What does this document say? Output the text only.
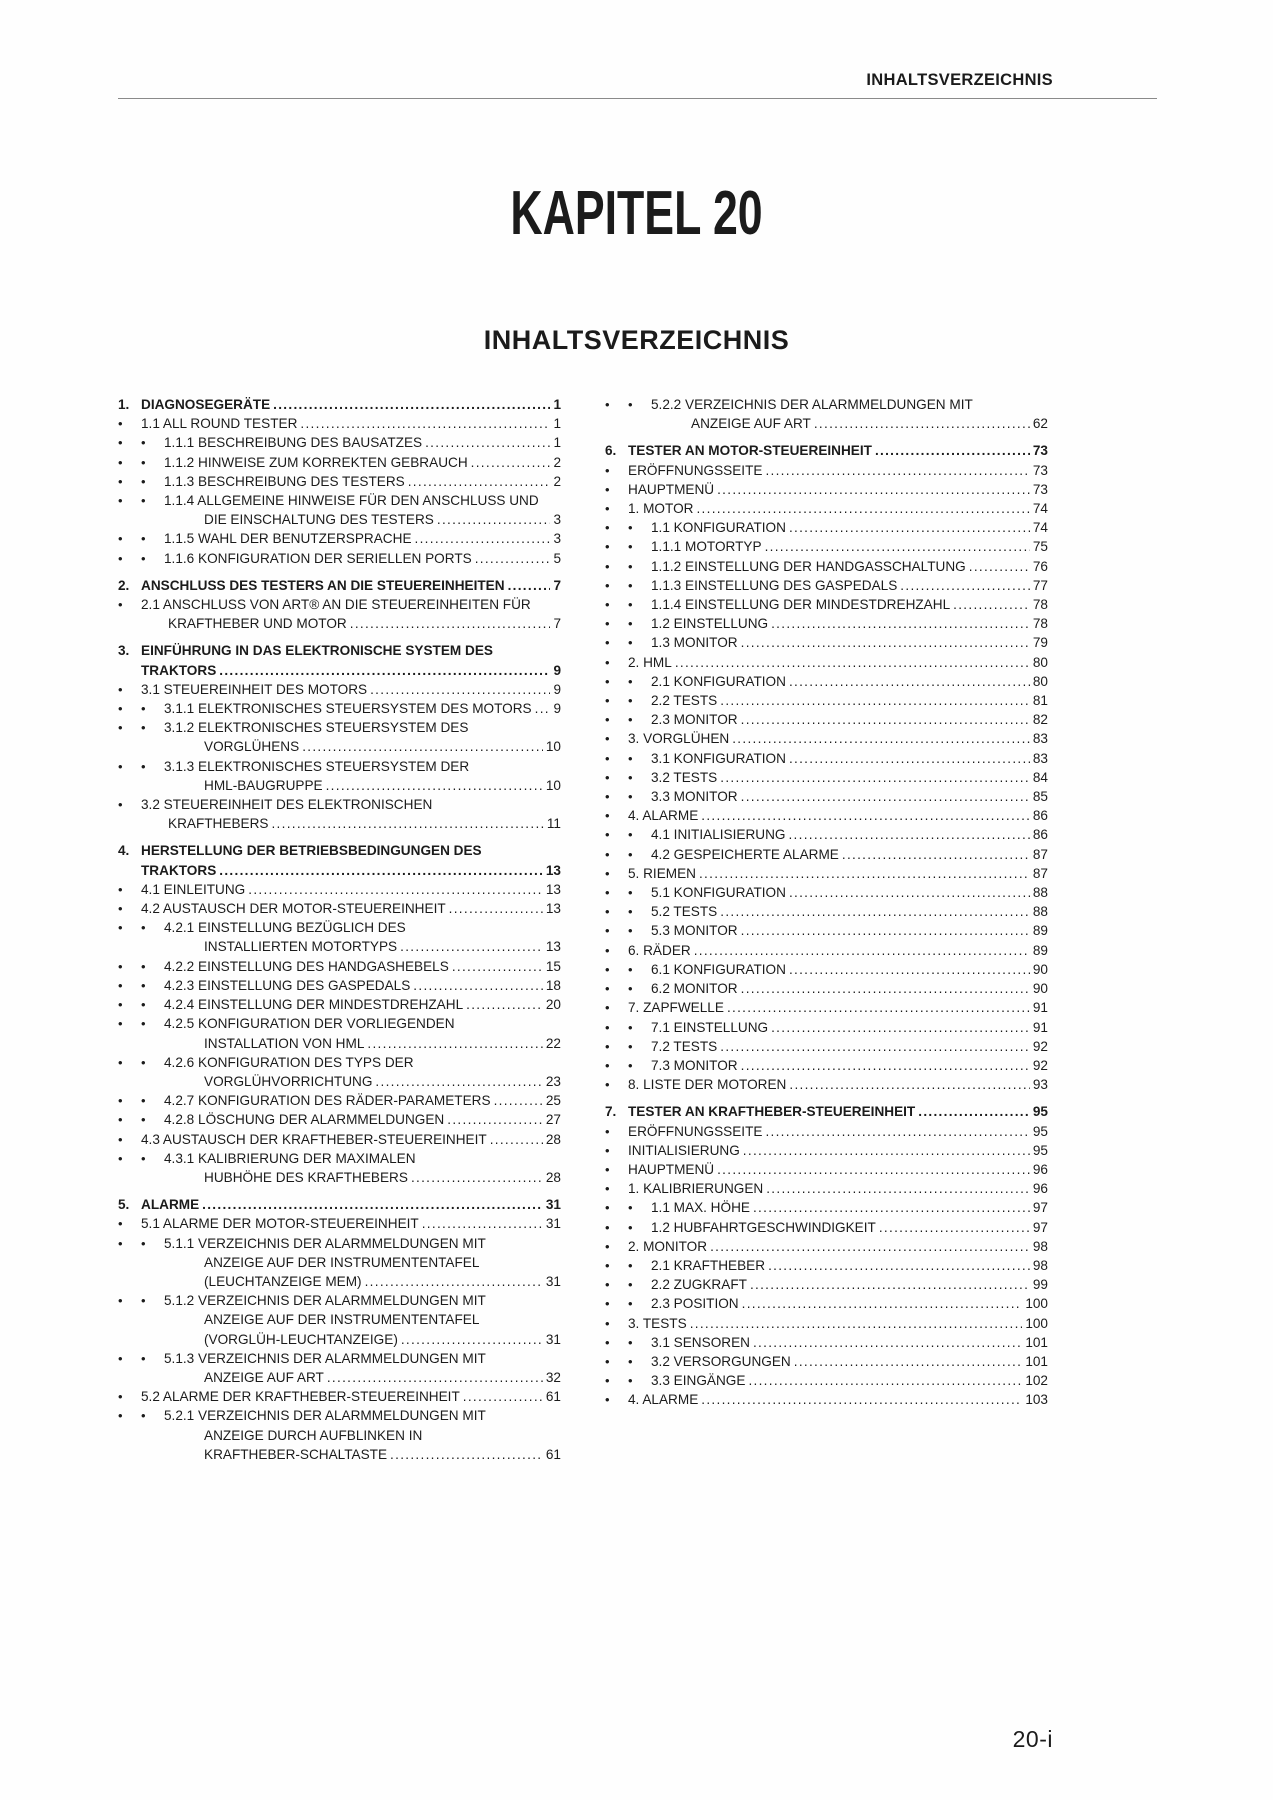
INHALTSVERZEICHNIS
KAPITEL 20
INHALTSVERZEICHNIS
1. DIAGNOSEGERÄTE .....	1
•	1.1 ALL ROUND TESTER .....	1
•	•	1.1.1 BESCHREIBUNG DES BAUSATZES .....	1
•	•	1.1.2 HINWEISE ZUM KORREKTEN GEBRAUCH .....	2
•	•	1.1.3 BESCHREIBUNG DES TESTERS .....	2
•	•	1.1.4 ALLGEMEINE HINWEISE FÜR DEN ANSCHLUSS UND
DIE EINSCHALTUNG DES TESTERS .....	3
•	•	1.1.5 WAHL DER BENUTZERSPRACHE .....	3
•	•	1.1.6 KONFIGURATION DER SERIELLEN PORTS .....	5
2. ANSCHLUSS DES TESTERS AN DIE STEUEREINHEITEN .....	7
•	2.1 ANSCHLUSS VON ART® AN DIE STEUEREINHEITEN FÜR
KRAFTHEBER UND MOTOR .....	7
3. EINFÜHRUNG IN DAS ELEKTRONISCHE SYSTEM DES
TRAKTORS .....	9
•	3.1 STEUEREINHEIT DES MOTORS .....	9
•	•	3.1.1 ELEKTRONISCHES STEUERSYSTEM DES MOTORS ..... 9
•	•	3.1.2 ELEKTRONISCHES STEUERSYSTEM DES
VORGLÜHENS .....	10
•	•	3.1.3 ELEKTRONISCHES STEUERSYSTEM DER
HML-BAUGRUPPE .....	10
•	3.2 STEUEREINHEIT DES ELEKTRONISCHEN
KRAFTHEBERS .....	11
4. HERSTELLUNG DER BETRIEBSBEDINGUNGEN DES
TRAKTORS .....	13
•	4.1 EINLEITUNG .....	13
•	4.2 AUSTAUSCH DER MOTOR-STEUEREINHEIT .....	13
•	•	4.2.1 EINSTELLUNG BEZÜGLICH DES
INSTALLIERTEN MOTORTYPS .....	13
•	•	4.2.2 EINSTELLUNG DES HANDGASHEBELS .....	15
•	•	4.2.3 EINSTELLUNG DES GASPEDALS .....	18
•	•	4.2.4 EINSTELLUNG DER MINDESTDREHZAHL .....	20
•	•	4.2.5 KONFIGURATION DER VORLIEGENDEN
INSTALLATION VON HML .....	22
•	•	4.2.6 KONFIGURATION DES TYPS DER
VORGLÜHVORRICHTUNG .....	23
•	•	4.2.7 KONFIGURATION DES RÄDER-PARAMETERS .....	25
•	•	4.2.8 LÖSCHUNG DER ALARMMELDUNGEN .....	27
•	4.3 AUSTAUSCH DER KRAFTHEBER-STEUEREINHEIT .....	28
•	•	4.3.1 KALIBRIERUNG DER MAXIMALEN
HUBHÖHE DES KRAFTHEBERS .....	28
5. ALARME .....	31
•	5.1 ALARME DER MOTOR-STEUEREINHEIT .....	31
•	•	5.1.1 VERZEICHNIS DER ALARMMELDUNGEN MIT
ANZEIGE AUF DER INSTRUMENTENTAFEL
(LEUCHTANZEIGE MEM) .....	31
•	•	5.1.2 VERZEICHNIS DER ALARMMELDUNGEN MIT
ANZEIGE AUF DER INSTRUMENTENTAFEL
(VORGLÜH-LEUCHTANZEIGE) .....	31
•	•	5.1.3 VERZEICHNIS DER ALARMMELDUNGEN MIT
ANZEIGE AUF ART .....	32
•	5.2 ALARME DER KRAFTHEBER-STEUEREINHEIT .....	61
•	•	5.2.1 VERZEICHNIS DER ALARMMELDUNGEN MIT
ANZEIGE DURCH AUFBLINKEN IN
KRAFTHEBER-SCHALTASTE .....	61
•	•	5.2.2 VERZEICHNIS DER ALARMMELDUNGEN MIT
ANZEIGE AUF ART .....	62
6. TESTER AN MOTOR-STEUEREINHEIT .....	73
•	ERÖFFNUNGSSEITE .....	73
•	HAUPTMENÜ .....	73
•	1. MOTOR .....	74
•	•	1.1 KONFIGURATION .....	74
•	•	1.1.1 MOTORTYP .....	75
•	•	1.1.2 EINSTELLUNG DER HANDGASSCHALTUNG .....	76
•	•	1.1.3 EINSTELLUNG DES GASPEDALS .....	77
•	•	1.1.4 EINSTELLUNG DER MINDESTDREHZAHL .....	78
•	•	1.2 EINSTELLUNG .....	78
•	•	1.3 MONITOR .....	79
•	2. HML .....	80
•	•	2.1 KONFIGURATION .....	80
•	•	2.2 TESTS .....	81
•	•	2.3 MONITOR .....	82
•	3. VORGLÜHEN .....	83
•	•	3.1 KONFIGURATION .....	83
•	•	3.2 TESTS .....	84
•	•	3.3 MONITOR .....	85
•	4. ALARME .....	86
•	•	4.1 INITIALISIERUNG .....	86
•	•	4.2 GESPEICHERTE ALARME .....	87
•	5. RIEMEN .....	87
•	•	5.1 KONFIGURATION .....	88
•	•	5.2 TESTS .....	88
•	•	5.3 MONITOR .....	89
•	6. RÄDER .....	89
•	•	6.1 KONFIGURATION .....	90
•	•	6.2 MONITOR .....	90
•	7. ZAPFWELLE .....	91
•	•	7.1 EINSTELLUNG .....	91
•	•	7.2 TESTS .....	92
•	•	7.3 MONITOR .....	92
•	8. LISTE DER MOTOREN .....	93
7. TESTER AN KRAFTHEBER-STEUEREINHEIT .....	95
•	ERÖFFNUNGSSEITE .....	95
•	INITIALISIERUNG .....	95
•	HAUPTMENÜ .....	96
•	1. KALIBRIERUNGEN .....	96
•	•	1.1 MAX. HÖHE .....	97
•	•	1.2 HUBFAHRTGESCHWINDIGKEIT .....	97
•	2. MONITOR .....	98
•	•	2.1 KRAFTHEBER .....	98
•	•	2.2 ZUGKRAFT .....	99
•	•	2.3 POSITION .....	100
•	3. TESTS .....	100
•	•	3.1 SENSOREN .....	101
•	•	3.2 VERSORGUNGEN .....	101
•	•	3.3 EINGÄNGE .....	102
•	4. ALARME .....	103
20-i
